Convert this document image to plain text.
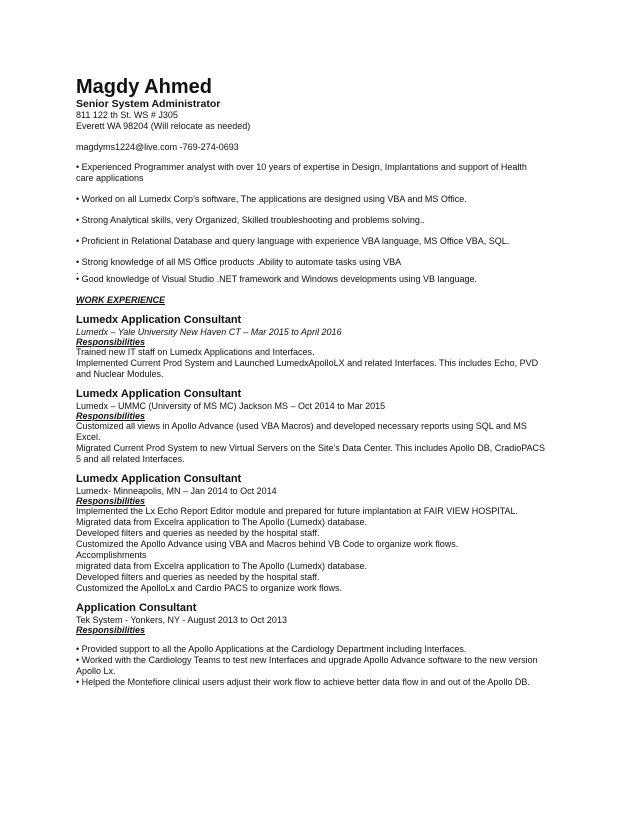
Magdy Ahmed

Senior System Administrator

811 122 th St. WS # J305

Everett WA 98204 (Will relocate as needed)

magdyms1224@live.com -769-274-0693

• Experienced Programmer analyst with over 10 years of expertise in Design, Implantations and support of Health care applications

• Worked on all Lumedx Corp’s software, The applications are designed using VBA and MS Office.

• Strong Analytical skills, very Organized, Skilled troubleshooting and problems solving..

• Proficient in Relational Database and query language with experience VBA language, MS Office VBA, SQL.

• Strong knowledge of all MS Office products .Ability to automate tasks using VBA

.

• Good knowledge of Visual Studio .NET framework and Windows developments using VB language.

WORK EXPERIENCE

Lumedx Application Consultant

Lumedx – Yale University New Haven CT – Mar 2015 to April 2016

Responsibilities

Trained new IT staff on Lumedx Applications and Interfaces.

Implemented Current Prod System and Launched LumedxApolloLX and related Interfaces. This includes Echo, PVD and Nuclear Modules.

Lumedx Application Consultant

Lumedx – UMMC (University of MS MC) Jackson MS – Oct 2014 to Mar 2015

Responsibilities

Customized all views in Apollo Advance (used VBA Macros) and developed necessary reports using SQL and MS Excel.

Migrated Current Prod System to new Virtual Servers on the Site’s Data Center. This includes Apollo DB, CradioPACS 5 and all related Interfaces.

Lumedx Application Consultant

Lumedx- Minneapolis, MN – Jan 2014 to Oct 2014

Responsibilities

Implemented the Lx Echo Report Editor module and prepared for future implantation at FAIR VIEW HOSPITAL.

Migrated data from Excelra application to The Apollo (Lumedx) database.

Developed filters and queries as needed by the hospital staff.

Customized the Apollo Advance using VBA and Macros behind VB Code to organize work flows.

Accomplishments

migrated data from Excelra application to The Apollo (Lumedx) database.

Developed filters and queries as needed by the hospital staff.

Customized the ApolloLx and Cardio PACS to organize work flows.

Application Consultant

Tek System - Yonkers, NY - August 2013 to Oct 2013

Responsibilities

• Provided support to all the Apollo Applications at the Cardiology Department including Interfaces.

• Worked with the Cardiology Teams to test new Interfaces and upgrade Apollo Advance software to the new version Apollo Lx.

• Helped the Montefiore clinical users adjust their work flow to achieve better data flow in and out of the Apollo DB.
